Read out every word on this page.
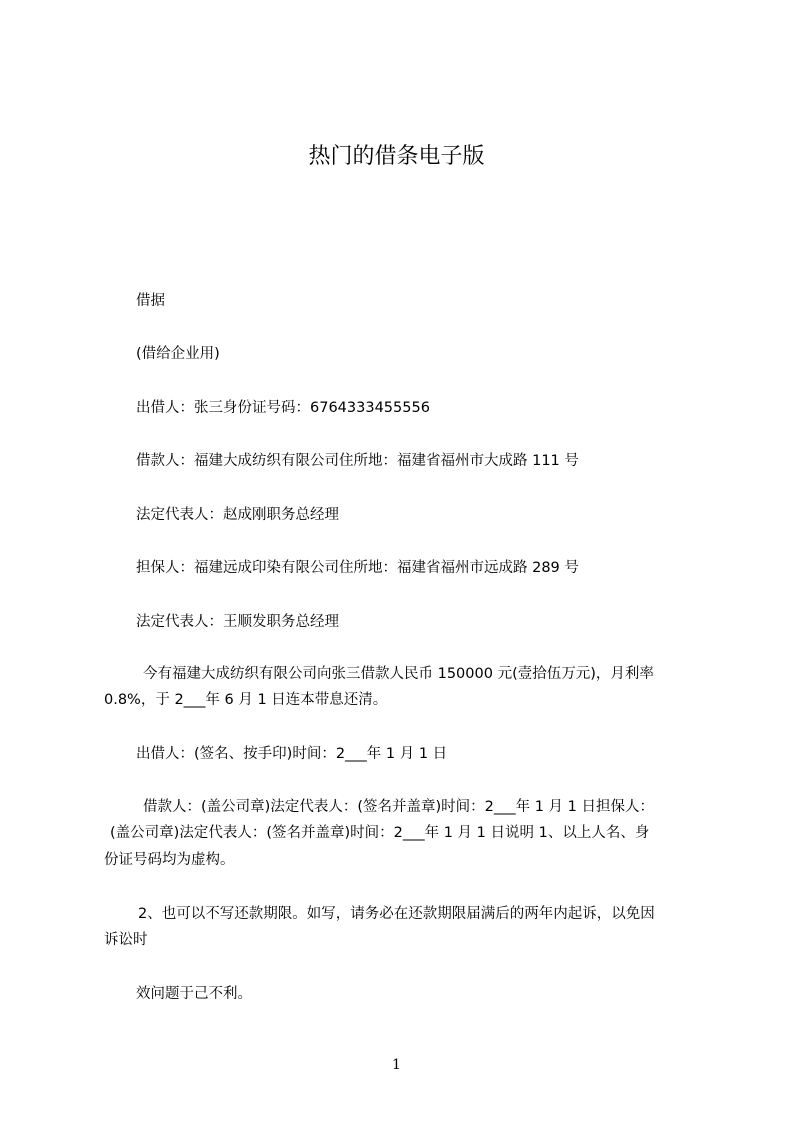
热门的借条电子版
借据
(借给企业用)
出借人：张三身份证号码：6764333455556
借款人：福建大成纺织有限公司住所地：福建省福州市大成路 111 号
法定代表人：赵成刚职务总经理
担保人：福建远成印染有限公司住所地：福建省福州市远成路 289 号
法定代表人：王顺发职务总经理
今有福建大成纺织有限公司向张三借款人民币 150000 元(壹拾伍万元)，月利率
0.8%，于 2___年 6 月 1 日连本带息还清。
出借人：(签名、按手印)时间：2___年 1 月 1 日
借款人：(盖公司章)法定代表人：(签名并盖章)时间：2___年 1 月 1 日担保人：
(盖公司章)法定代表人：(签名并盖章)时间：2___年 1 月 1 日说明 1、以上人名、身
份证号码均为虚构。
2、也可以不写还款期限。如写，请务必在还款期限届满后的两年内起诉，以免因
诉讼时
效问题于己不利。
1
